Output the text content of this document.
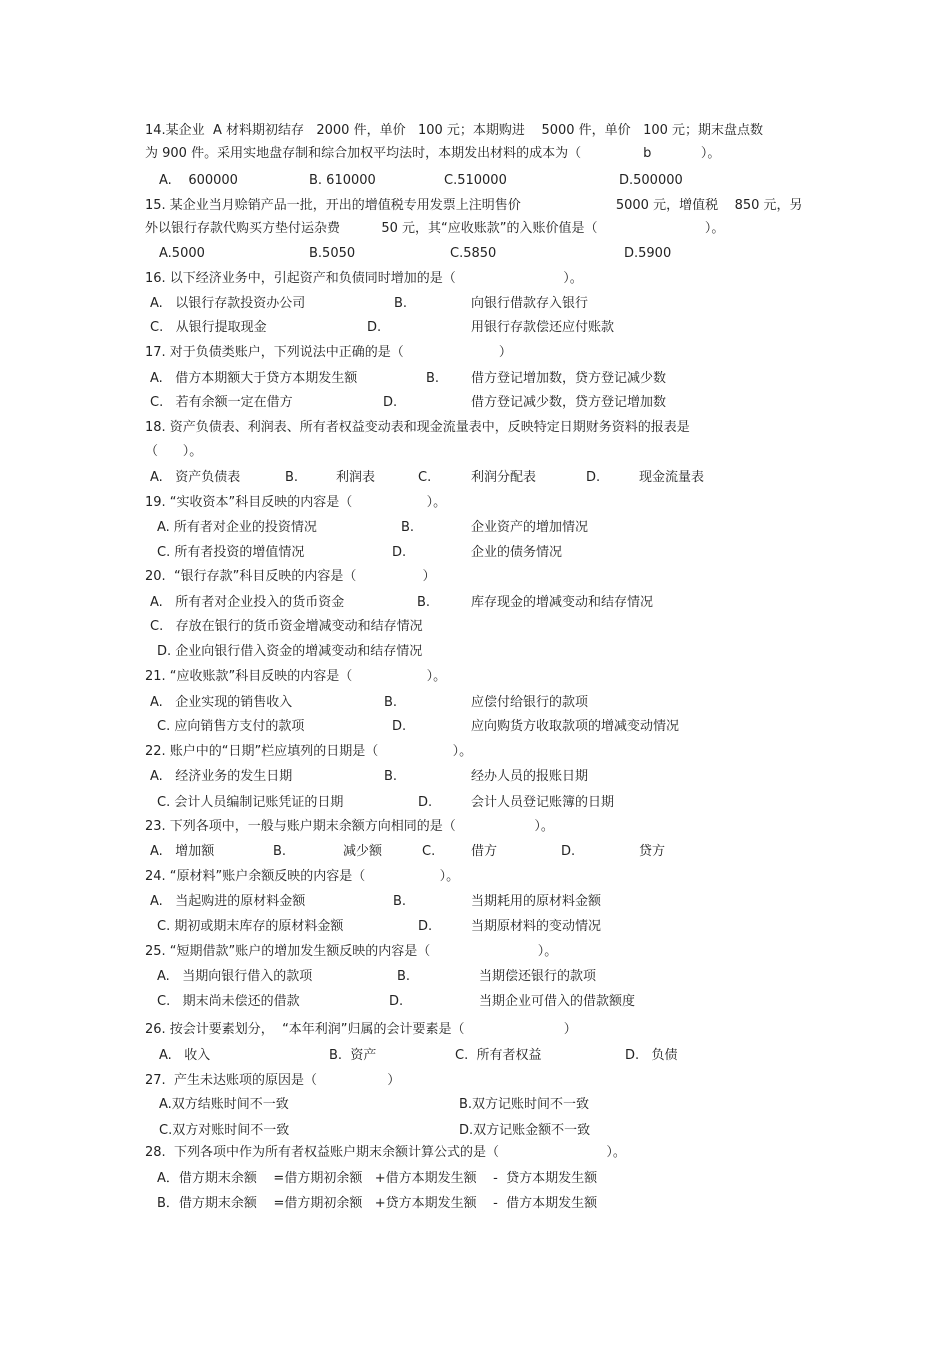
14.某企业  A 材料期初结存   2000 件，单价   100 元；本期购进    5000 件，单价   100 元；期末盘点数
为 900 件。采用实地盘存制和综合加权平均法时，本期发出材料的成本为（               b            ）。
A.    600000	B. 610000	C.510000	D.500000
15. 某企业当月赊销产品一批，开出的增值税专用发票上注明售价                       5000 元，增值税    850 元，另
外以银行存款代购买方垫付运杂费          50 元，其“应收账款”的入账价值是（                          ）。
A.5000	B.5050	C.5850	D.5900
16. 以下经济业务中，引起资产和负债同时增加的是（                          ）。
A.   以银行存款投资办公司	B.	向银行借款存入银行
C.   从银行提取现金	D.	用银行存款偿还应付账款
17. 对于负债类账户，下列说法中正确的是（                       ）
A.   借方本期额大于贷方本期发生额	B. 借方登记增加数，贷方登记减少数
C.   若有余额一定在借方	D.	借方登记减少数，贷方登记增加数
18. 资产负债表、利润表、所有者权益变动表和现金流量表中，反映特定日期财务资料的报表是
（      ）。
A.   资产负债表	B.	利润表	C.	利润分配表	D.	现金流量表
19. “实收资本”科目反映的内容是（                  ）。
A. 所有者对企业的投资情况	B.	企业资产的增加情况
C. 所有者投资的增值情况	D.	企业的债务情况
20.  “银行存款”科目反映的内容是（                ）
A.   所有者对企业投入的货币资金	B.	库存现金的增减变动和结存情况
C.   存放在银行的货币资金增减变动和结存情况
D. 企业向银行借入资金的增减变动和结存情况
21. “应收账款”科目反映的内容是（                  ）。
A.   企业实现的销售收入	B.	应偿付给银行的款项
C. 应向销售方支付的款项	D.	应向购货方收取款项的增减变动情况
22. 账户中的“日期”栏应填列的日期是（                  ）。
A.   经济业务的发生日期	B.	经办人员的报账日期
C. 会计人员编制记账凭证的日期	D.	会计人员登记账簿的日期
23. 下列各项中，一般与账户期末余额方向相同的是（                   ）。
A.   增加额	B.	减少额	C.	借方	D.	贷方
24. “原材料”账户余额反映的内容是（                  ）。
A.   当起购进的原材料金额	B.	当期耗用的原材料金额
C. 期初或期末库存的原材料金额	D.	当期原材料的变动情况
25. “短期借款”账户的增加发生额反映的内容是（                          ）。
A.   当期向银行借入的款项	B.	当期偿还银行的款项
C.   期末尚未偿还的借款	D.	当期企业可借入的借款额度
26. 按会计要素划分，  “本年利润”归属的会计要素是（                        ）
A.   收入	B.  资产	C.  所有者权益	D.   负债
27.  产生未达账项的原因是（                 ）
A.双方结账时间不一致	B.双方记账时间不一致
C.双方对账时间不一致	D.双方记账金额不一致
28.  下列各项中作为所有者权益账户期末余额计算公式的是（                          ）。
A．借方期末余额    =借方期初余额   +借方本期发生额    -  贷方本期发生额
B．借方期末余额    =借方期初余额   +贷方本期发生额    -  借方本期发生额
